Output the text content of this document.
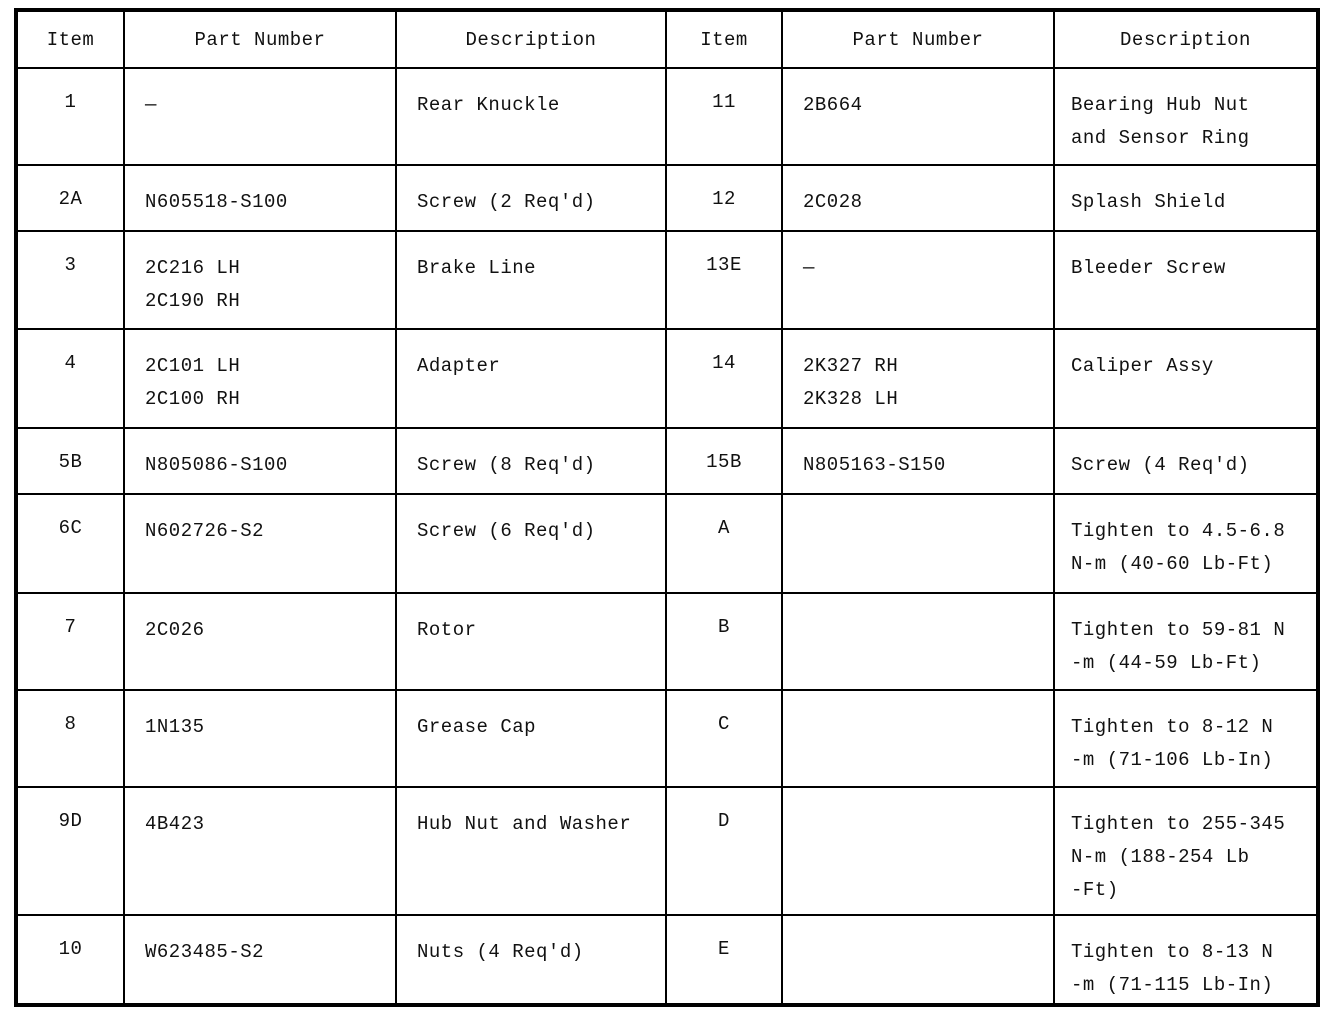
Item	Part Number	Description	Item	Part Number	Description
1	—	Rear Knuckle	11	2B664	Bearing Hub Nut
and Sensor Ring

2A	N605518-S100	Screw (2 Req'd)	12	2C028	Splash Shield

3	2C216 LH
2C190 RH	Brake Line	13E	—	Bleeder Screw

4	2C101 LH
2C100 RH	Adapter	14	2K327 RH
2K328 LH	Caliper Assy

5B	N805086-S100	Screw (8 Req'd)	15B	N805163-S150	Screw (4 Req'd)

6C	N602726-S2	Screw (6 Req'd)	A		Tighten to 4.5-6.8
N-m (40-60 Lb-Ft)

7	2C026	Rotor	B		Tighten to 59-81 N
-m (44-59 Lb-Ft)

8	1N135	Grease Cap	C		Tighten to 8-12 N
-m (71-106 Lb-In)

9D	4B423	Hub Nut and Washer	D		Tighten to 255-345
N-m (188-254 Lb
-Ft)

10	W623485-S2	Nuts (4 Req'd)	E		Tighten to 8-13 N
-m (71-115 Lb-In)
